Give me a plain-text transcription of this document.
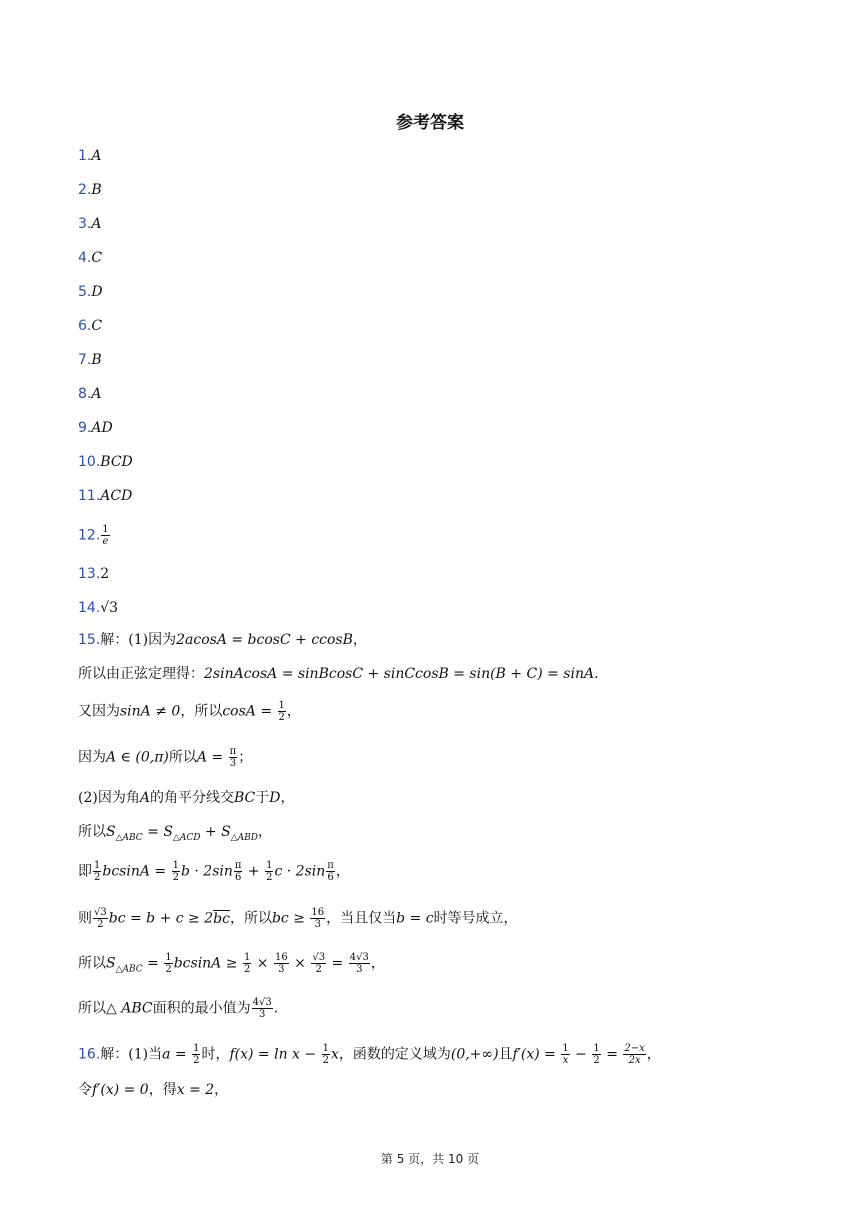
参考答案
1.A
2.B
3.A
4.C
5.D
6.C
7.B
8.A
9.AD
10.BCD
11.ACD
12. $\frac{1}{e}$
13.2
14.√3
15.解：(1)因为2acosA = bcosC + ccosB，
所以由正弦定理得：2sinAcosA = sinBcosC + sinCcosB = sin(B + C) = sinA.
又因为sinA ≠ 0，所以$\cos A = \frac{1}{2}$ ，
因为A ∈ (0,π)所以$A = \frac{\pi}{3}$ ；
(2)因为角A的角平分线交BC于D，
所以$S_{\triangle ABC} = S_{\triangle ACD} + S_{\triangle ABD}$，
即 $\frac{1}{2}$ $bcsinA = \frac{1}{2}$ $b \cdot 2\sin \frac{\pi}{6} + \frac{1}{2}$ $c \cdot 2\sin \frac{\pi}{6}$ ，
则 $\frac{√3}{2}$ bc = b + c ≥ 2bc，所以bc ≥ $\frac{16}{3}$ ，当且仅当b = c时等号成立，
所以$S_{\triangle ABC} = \frac{1}{2}$ $bcsinA \ge \frac{1}{2} \times \frac{16}{3} \times \frac{√3}{2} = \frac{4√3}{3}$ ，
所以△ ABC面积的最小值为 $\frac{4√3}{3}$ .
16.解：(1)当$a = \frac{1}{2}$ 时，$f(x) = \ln x - \frac{1}{2}$ x，函数的定义域为(0,+∞)且$f'(x) = \frac{1}{x} - \frac{1}{2} = \frac{2-x}{2x}$ ，
令f′(x) = 0，得x = 2，
第 5 页，共 10 页
